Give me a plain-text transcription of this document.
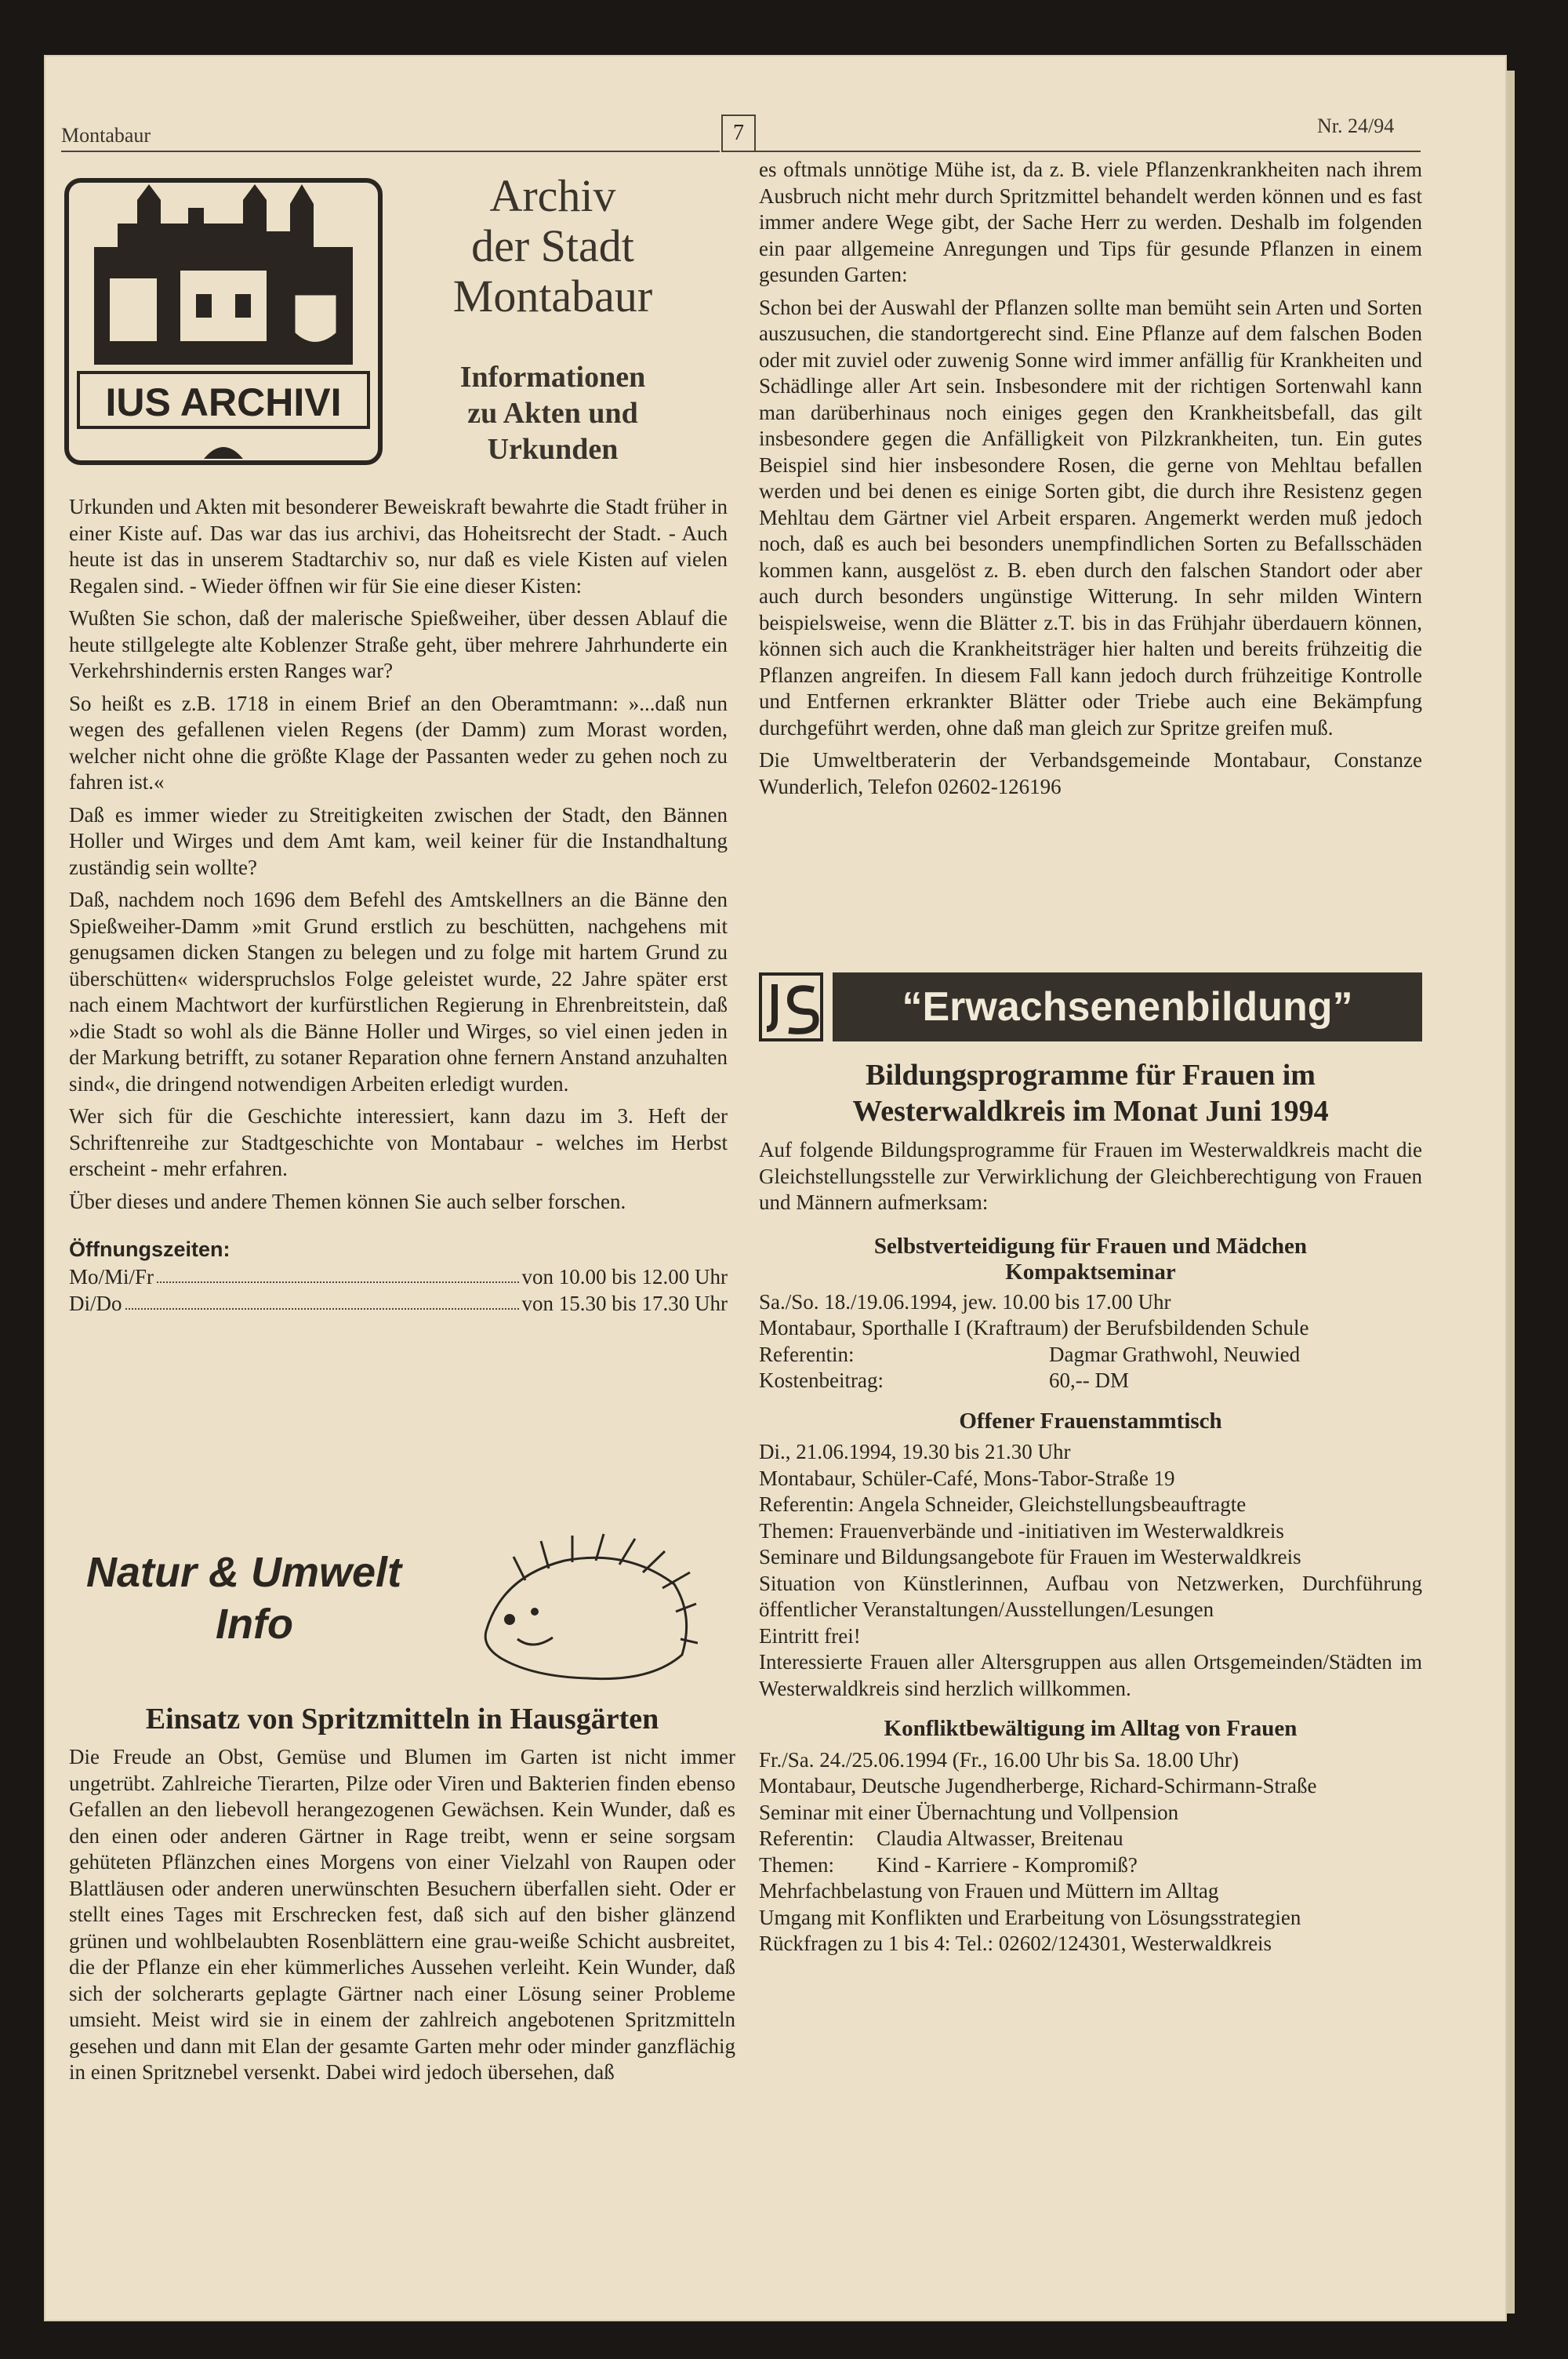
Montabaur	7	Nr. 24/94
IUS ARCHIVI
Archiv
der Stadt
Montabaur
Informationen
zu Akten und
Urkunden

Urkunden und Akten mit besonderer Beweiskraft bewahrte die Stadt früher in einer Kiste auf. Das war das ius archivi, das Hoheitsrecht der Stadt. - Auch heute ist das in unserem Stadtarchiv so, nur daß es viele Kisten auf vielen Regalen sind. - Wieder öffnen wir für Sie eine dieser Kisten:

Wußten Sie schon, daß der malerische Spießweiher, über dessen Ablauf die heute stillgelegte alte Koblenzer Straße geht, über mehrere Jahrhunderte ein Verkehrshindernis ersten Ranges war?

So heißt es z.B. 1718 in einem Brief an den Oberamtmann: »...daß nun wegen des gefallenen vielen Regens (der Damm) zum Morast worden, welcher nicht ohne die größte Klage der Passanten weder zu gehen noch zu fahren ist.«

Daß es immer wieder zu Streitigkeiten zwischen der Stadt, den Bännen Holler und Wirges und dem Amt kam, weil keiner für die Instandhaltung zuständig sein wollte?

Daß, nachdem noch 1696 dem Befehl des Amtskellners an die Bänne den Spießweiher-Damm »mit Grund erstlich zu beschütten, nachgehens mit genugsamen dicken Stangen zu belegen und zu folge mit hartem Grund zu überschütten« widerspruchslos Folge geleistet wurde, 22 Jahre später erst nach einem Machtwort der kurfürstlichen Regierung in Ehrenbreitstein, daß »die Stadt so wohl als die Bänne Holler und Wirges, so viel einen jeden in der Markung betrifft, zu sotaner Reparation ohne fernern Anstand anzuhalten sind«, die dringend notwendigen Arbeiten erledigt wurden.

Wer sich für die Geschichte interessiert, kann dazu im 3. Heft der Schriftenreihe zur Stadtgeschichte von Montabaur - welches im Herbst erscheint - mehr erfahren.

Über dieses und andere Themen können Sie auch selber forschen.

Öffnungszeiten:
Mo/Mi/Fr	von 10.00 bis 12.00 Uhr
Di/Do	von 15.30 bis 17.30 Uhr
Natur & Umwelt
Info
Einsatz von Spritzmitteln in Hausgärten

Die Freude an Obst, Gemüse und Blumen im Garten ist nicht immer ungetrübt. Zahlreiche Tierarten, Pilze oder Viren und Bakterien finden ebenso Gefallen an den liebevoll herangezogenen Gewächsen. Kein Wunder, daß es den einen oder anderen Gärtner in Rage treibt, wenn er seine sorgsam gehüteten Pflänzchen eines Morgens von einer Vielzahl von Raupen oder Blattläusen oder anderen unerwünschten Besuchern überfallen sieht. Oder er stellt eines Tages mit Erschrecken fest, daß sich auf den bisher glänzend grünen und wohlbelaubten Rosenblättern eine grau-weiße Schicht ausbreitet, die der Pflanze ein eher kümmerliches Aussehen verleiht. Kein Wunder, daß sich der solcherarts geplagte Gärtner nach einer Lösung seiner Probleme umsieht. Meist wird sie in einem der zahlreich angebotenen Spritzmitteln gesehen und dann mit Elan der gesamte Garten mehr oder minder ganzflächig in einen Spritznebel versenkt. Dabei wird jedoch übersehen, daß

es oftmals unnötige Mühe ist, da z. B. viele Pflanzenkrankheiten nach ihrem Ausbruch nicht mehr durch Spritzmittel behandelt werden können und es fast immer andere Wege gibt, der Sache Herr zu werden. Deshalb im folgenden ein paar allgemeine Anregungen und Tips für gesunde Pflanzen in einem gesunden Garten:

Schon bei der Auswahl der Pflanzen sollte man bemüht sein Arten und Sorten auszusuchen, die standortgerecht sind. Eine Pflanze auf dem falschen Boden oder mit zuviel oder zuwenig Sonne wird immer anfällig für Krankheiten und Schädlinge aller Art sein. Insbesondere mit der richtigen Sortenwahl kann man darüberhinaus noch einiges gegen den Krankheitsbefall, das gilt insbesondere gegen die Anfälligkeit von Pilzkrankheiten, tun. Ein gutes Beispiel sind hier insbesondere Rosen, die gerne von Mehltau befallen werden und bei denen es einige Sorten gibt, die durch ihre Resistenz gegen Mehltau dem Gärtner viel Arbeit ersparen. Angemerkt werden muß jedoch noch, daß es auch bei besonders unempfindlichen Sorten zu Befallsschäden kommen kann, ausgelöst z. B. eben durch den falschen Standort oder aber auch durch besonders ungünstige Witterung. In sehr milden Wintern beispielsweise, wenn die Blätter z.T. bis in das Frühjahr überdauern können, können sich auch die Krankheitsträger hier halten und bereits frühzeitig die Pflanzen angreifen. In diesem Fall kann jedoch durch frühzeitige Kontrolle und Entfernen erkrankter Blätter oder Triebe auch eine Bekämpfung durchgeführt werden, ohne daß man gleich zur Spritze greifen muß.

Die Umweltberaterin der Verbandsgemeinde Montabaur, Constanze Wunderlich, Telefon 02602-126196

“Erwachsenenbildung”
Bildungsprogramme für Frauen im
Westerwaldkreis im Monat Juni 1994

Auf folgende Bildungsprogramme für Frauen im Westerwaldkreis macht die Gleichstellungsstelle zur Verwirklichung der Gleichberechtigung von Frauen und Männern aufmerksam:

Selbstverteidigung für Frauen und Mädchen
Kompaktseminar
Sa./So. 18./19.06.1994, jew. 10.00 bis 17.00 Uhr
Montabaur, Sporthalle I (Kraftraum) der Berufsbildenden Schule
Referentin:	Dagmar Grathwohl, Neuwied
Kostenbeitrag:	60,-- DM
Offener Frauenstammtisch
Di., 21.06.1994, 19.30 bis 21.30 Uhr
Montabaur, Schüler-Café, Mons-Tabor-Straße 19
Referentin: Angela Schneider, Gleichstellungsbeauftragte
Themen: Frauenverbände und -initiativen im Westerwaldkreis
Seminare und Bildungsangebote für Frauen im Westerwaldkreis
Situation von Künstlerinnen, Aufbau von Netzwerken, Durchführung öffentlicher Veranstaltungen/Ausstellungen/Lesungen
Eintritt frei!
Interessierte Frauen aller Altersgruppen aus allen Ortsgemeinden/Städten im Westerwaldkreis sind herzlich willkommen.
Konfliktbewältigung im Alltag von Frauen
Fr./Sa. 24./25.06.1994 (Fr., 16.00 Uhr bis Sa. 18.00 Uhr)
Montabaur, Deutsche Jugendherberge, Richard-Schirmann-Straße
Seminar mit einer Übernachtung und Vollpension
Referentin:	Claudia Altwasser, Breitenau
Themen:	Kind - Karriere - Kompromiß?
Mehrfachbelastung von Frauen und Müttern im Alltag
Umgang mit Konflikten und Erarbeitung von Lösungsstrategien
Rückfragen zu 1 bis 4: Tel.: 02602/124301, Westerwaldkreis
